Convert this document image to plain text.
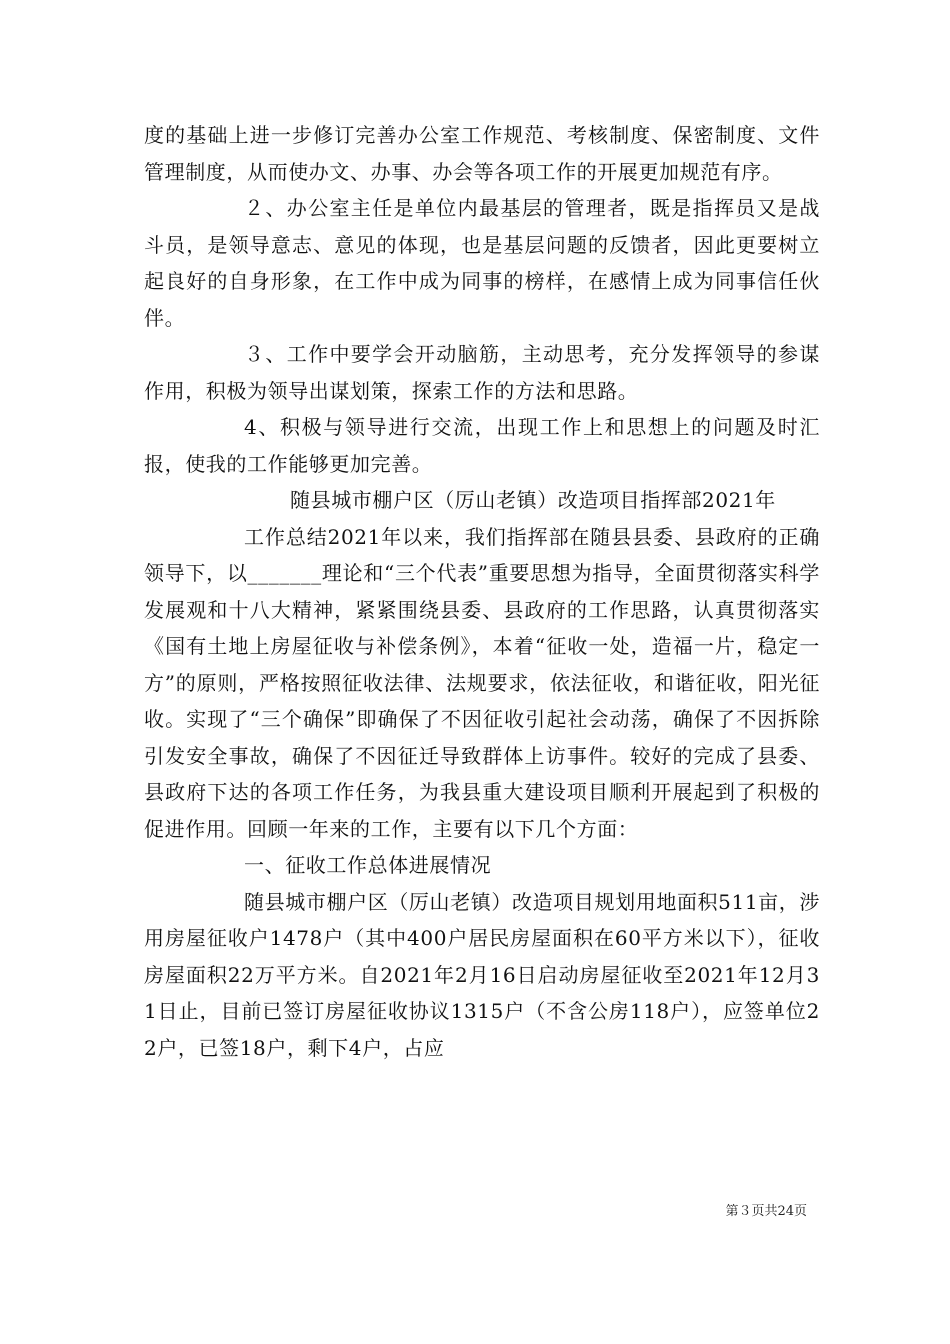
度的基础上进一步修订完善办公室工作规范、考核制度、保密制度、文件管理制度，从而使办文、办事、办会等各项工作的开展更加规范有序。

２、办公室主任是单位内最基层的管理者，既是指挥员又是战斗员，是领导意志、意见的体现，也是基层问题的反馈者，因此更要树立起良好的自身形象，在工作中成为同事的榜样，在感情上成为同事信任伙伴。

３、工作中要学会开动脑筋，主动思考，充分发挥领导的参谋作用，积极为领导出谋划策，探索工作的方法和思路。

4、积极与领导进行交流，出现工作上和思想上的问题及时汇报，使我的工作能够更加完善。

随县城市棚户区（厉山老镇）改造项目指挥部2021年

工作总结2021年以来，我们指挥部在随县县委、县政府的正确领导下，以_______理论和“三个代表”重要思想为指导，全面贯彻落实科学发展观和十八大精神，紧紧围绕县委、县政府的工作思路，认真贯彻落实《国有土地上房屋征收与补偿条例》，本着“征收一处，造福一片，稳定一方”的原则，严格按照征收法律、法规要求，依法征收，和谐征收，阳光征收。实现了“三个确保”即确保了不因征收引起社会动荡，确保了不因拆除引发安全事故，确保了不因征迁导致群体上访事件。较好的完成了县委、县政府下达的各项工作任务，为我县重大建设项目顺利开展起到了积极的促进作用。回顾一年来的工作，主要有以下几个方面：

一、征收工作总体进展情况

随县城市棚户区（厉山老镇）改造项目规划用地面积511亩，涉用房屋征收户1478户（其中400户居民房屋面积在60平方米以下），征收房屋面积22万平方米。自2021年2月16日启动房屋征收至2021年12月31日止，目前已签订房屋征收协议1315户（不含公房118户），应签单位22户，已签18户，剩下4户，占应

第３页共24页
